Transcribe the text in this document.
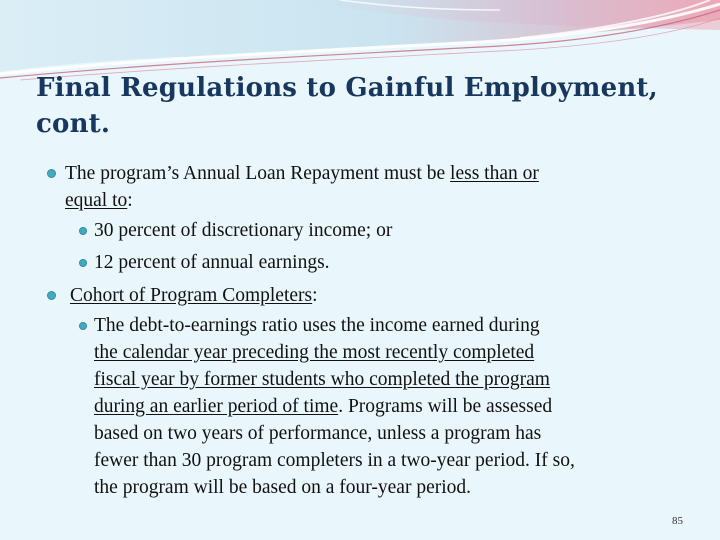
Final Regulations to Gainful Employment,
cont.
The program’s Annual Loan Repayment must be less than or
equal to:
30 percent of discretionary income; or
12 percent of annual earnings.
Cohort of Program Completers:
The debt-to-earnings ratio uses the income earned during
the calendar year preceding the most recently completed
fiscal year by former students who completed the program
during an earlier period of time. Programs will be assessed
based on two years of performance, unless a program has
fewer than 30 program completers in a two-year period. If so,
the program will be based on a four-year period.
85
